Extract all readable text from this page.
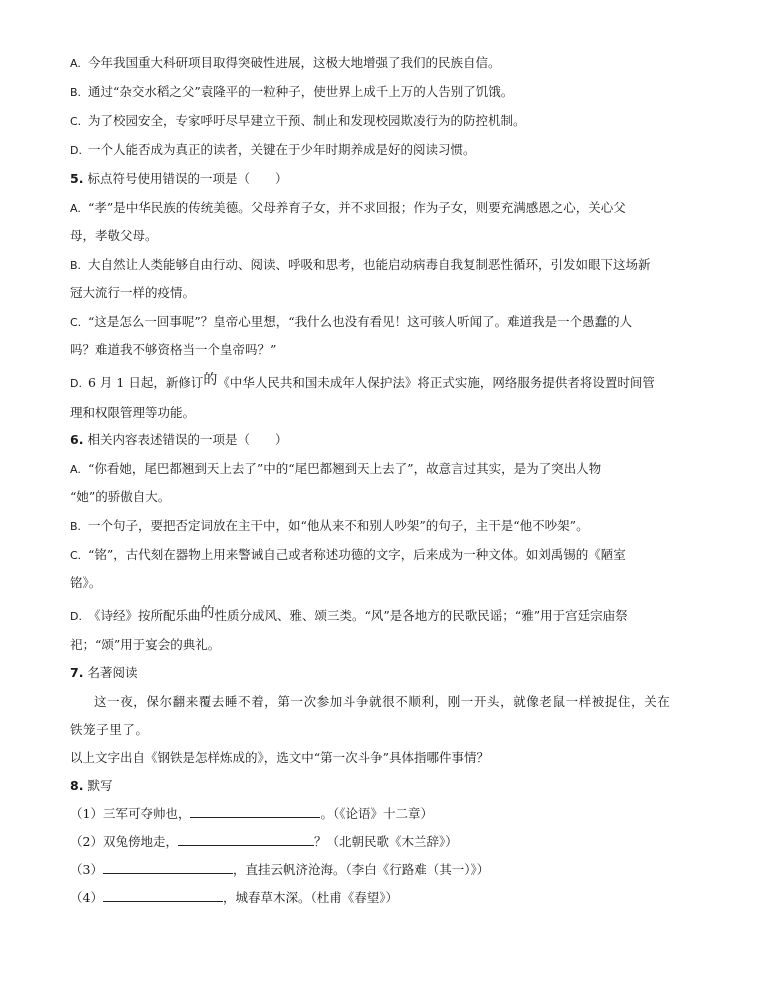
A. 今年我国重大科研项目取得突破性进展，这极大地增强了我们的民族自信。

B. 通过“杂交水稻之父”袁隆平的一粒种子，使世界上成千上万的人告别了饥饿。

C. 为了校园安全，专家呼吁尽早建立干预、制止和发现校园欺凌行为的防控机制。

D. 一个人能否成为真正的读者，关键在于少年时期养成是好的阅读习惯。

5. 标点符号使用错误的一项是（　　）

A. “孝”是中华民族的传统美德。父母养育子女，并不求回报；作为子女，则要充满感恩之心，关心父

母，孝敬父母。

B. 大自然让人类能够自由行动、阅读、呼吸和思考，也能启动病毒自我复制恶性循环，引发如眼下这场新

冠大流行一样的疫情。

C. “这是怎么一回事呢”？皇帝心里想，“我什么也没有看见！这可骇人听闻了。难道我是一个愚蠢的人

吗？难道我不够资格当一个皇帝吗？”

D. 6 月 1 日起，新修订的《中华人民共和国未成年人保护法》将正式实施，网络服务提供者将设置时间管

理和权限管理等功能。

6. 相关内容表述错误的一项是（　　）

A. “你看她，尾巴都翘到天上去了”中的“尾巴都翘到天上去了”，故意言过其实，是为了突出人物

“她”的骄傲自大。

B. 一个句子，要把否定词放在主干中，如“他从来不和别人吵架”的句子，主干是“他不吵架”。

C. “铭”，古代刻在器物上用来警诫自己或者称述功德的文字，后来成为一种文体。如刘禹锡的《陋室

铭》。

D. 《诗经》按所配乐曲的性质分成风、雅、颂三类。“风”是各地方的民歌民谣；“雅”用于宫廷宗庙祭

祀；“颂”用于宴会的典礼。

7. 名著阅读

这一夜，保尔翻来覆去睡不着，第一次参加斗争就很不顺利，刚一开头，就像老鼠一样被捉住，关在

铁笼子里了。

以上文字出自《钢铁是怎样炼成的》，选文中“第一次斗争”具体指哪件事情？

8. 默写

（1）三军可夺帅也，	。（《论语》十二章）

（2）双兔傍地走，	？（北朝民歌《木兰辞》）

（3）	，直挂云帆济沧海。（李白《行路难（其一）》）

（4）	，城春草木深。（杜甫《春望》）
